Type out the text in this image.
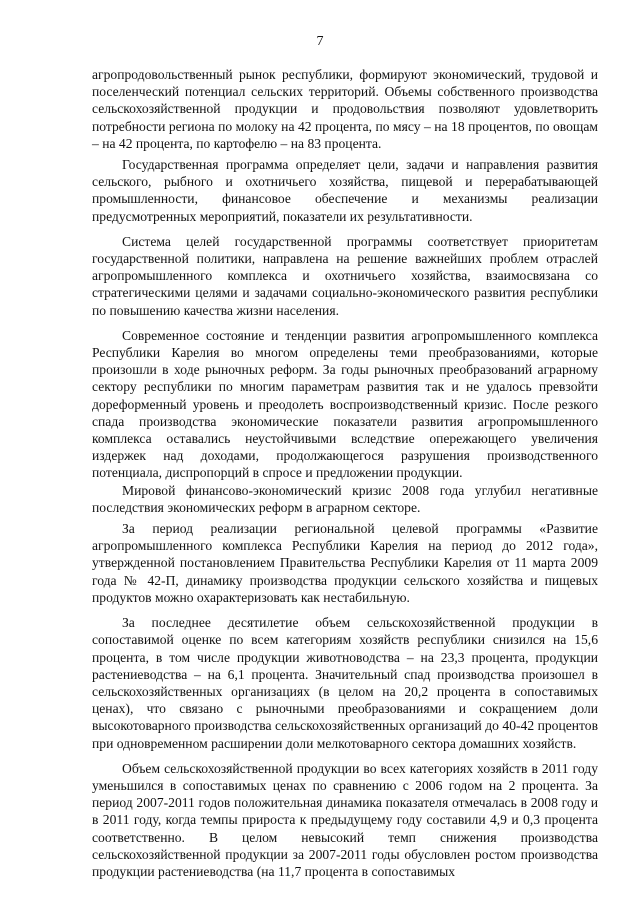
7

агропродовольственный рынок республики, формируют экономический, трудовой и поселенческий потенциал сельских территорий. Объемы собственного производства сельскохозяйственной продукции и продовольствия позволяют удовлетворить потребности региона по молоку на 42 процента, по мясу – на 18 процентов, по овощам – на 42 процента, по картофелю – на 83 процента.

Государственная программа определяет цели, задачи и направления развития сельского, рыбного и охотничьего хозяйства, пищевой и перерабатывающей промышленности, финансовое обеспечение и механизмы реализации предусмотренных мероприятий, показатели их результативности.

Система целей государственной программы соответствует приоритетам государственной политики, направлена на решение важнейших проблем отраслей агропромышленного комплекса и охотничьего хозяйства, взаимосвязана со стратегическими целями и задачами социально-экономического развития республики по повышению качества жизни населения.

Современное состояние и тенденции развития агропромышленного комплекса Республики Карелия во многом определены теми преобразованиями, которые произошли в ходе рыночных реформ. За годы рыночных преобразований аграрному сектору республики по многим параметрам развития так и не удалось превзойти дореформенный уровень и преодолеть воспроизводственный кризис. После резкого спада производства экономические показатели развития агропромышленного комплекса оставались неустойчивыми вследствие опережающего увеличения издержек над доходами, продолжающегося разрушения производственного потенциала, диспропорций в спросе и предложении продукции.

Мировой финансово-экономический кризис 2008 года углубил негативные последствия экономических реформ в аграрном секторе.

За период реализации региональной целевой программы «Развитие агропромышленного комплекса Республики Карелия на период до 2012 года», утвержденной постановлением Правительства Республики Карелия от 11 марта 2009 года № 42-П, динамику производства продукции сельского хозяйства и пищевых продуктов можно охарактеризовать как нестабильную.

За последнее десятилетие объем сельскохозяйственной продукции в сопоставимой оценке по всем категориям хозяйств республики снизился на 15,6 процента, в том числе продукции животноводства – на 23,3 процента, продукции растениеводства – на 6,1 процента. Значительный спад производства произошел в сельскохозяйственных организациях (в целом на 20,2 процента в сопоставимых ценах), что связано с рыночными преобразованиями и сокращением доли высокотоварного производства сельскохозяйственных организаций до 40-42 процентов при одновременном расширении доли мелкотоварного сектора домашних хозяйств.

Объем сельскохозяйственной продукции во всех категориях хозяйств в 2011 году уменьшился в сопоставимых ценах по сравнению с 2006 годом на 2 процента. За период 2007-2011 годов положительная динамика показателя отмечалась в 2008 году и в 2011 году, когда темпы прироста к предыдущему году составили 4,9 и 0,3 процента соответственно. В целом невысокий темп снижения производства сельскохозяйственной продукции за 2007-2011 годы обусловлен ростом производства продукции растениеводства (на 11,7 процента в сопоставимых
